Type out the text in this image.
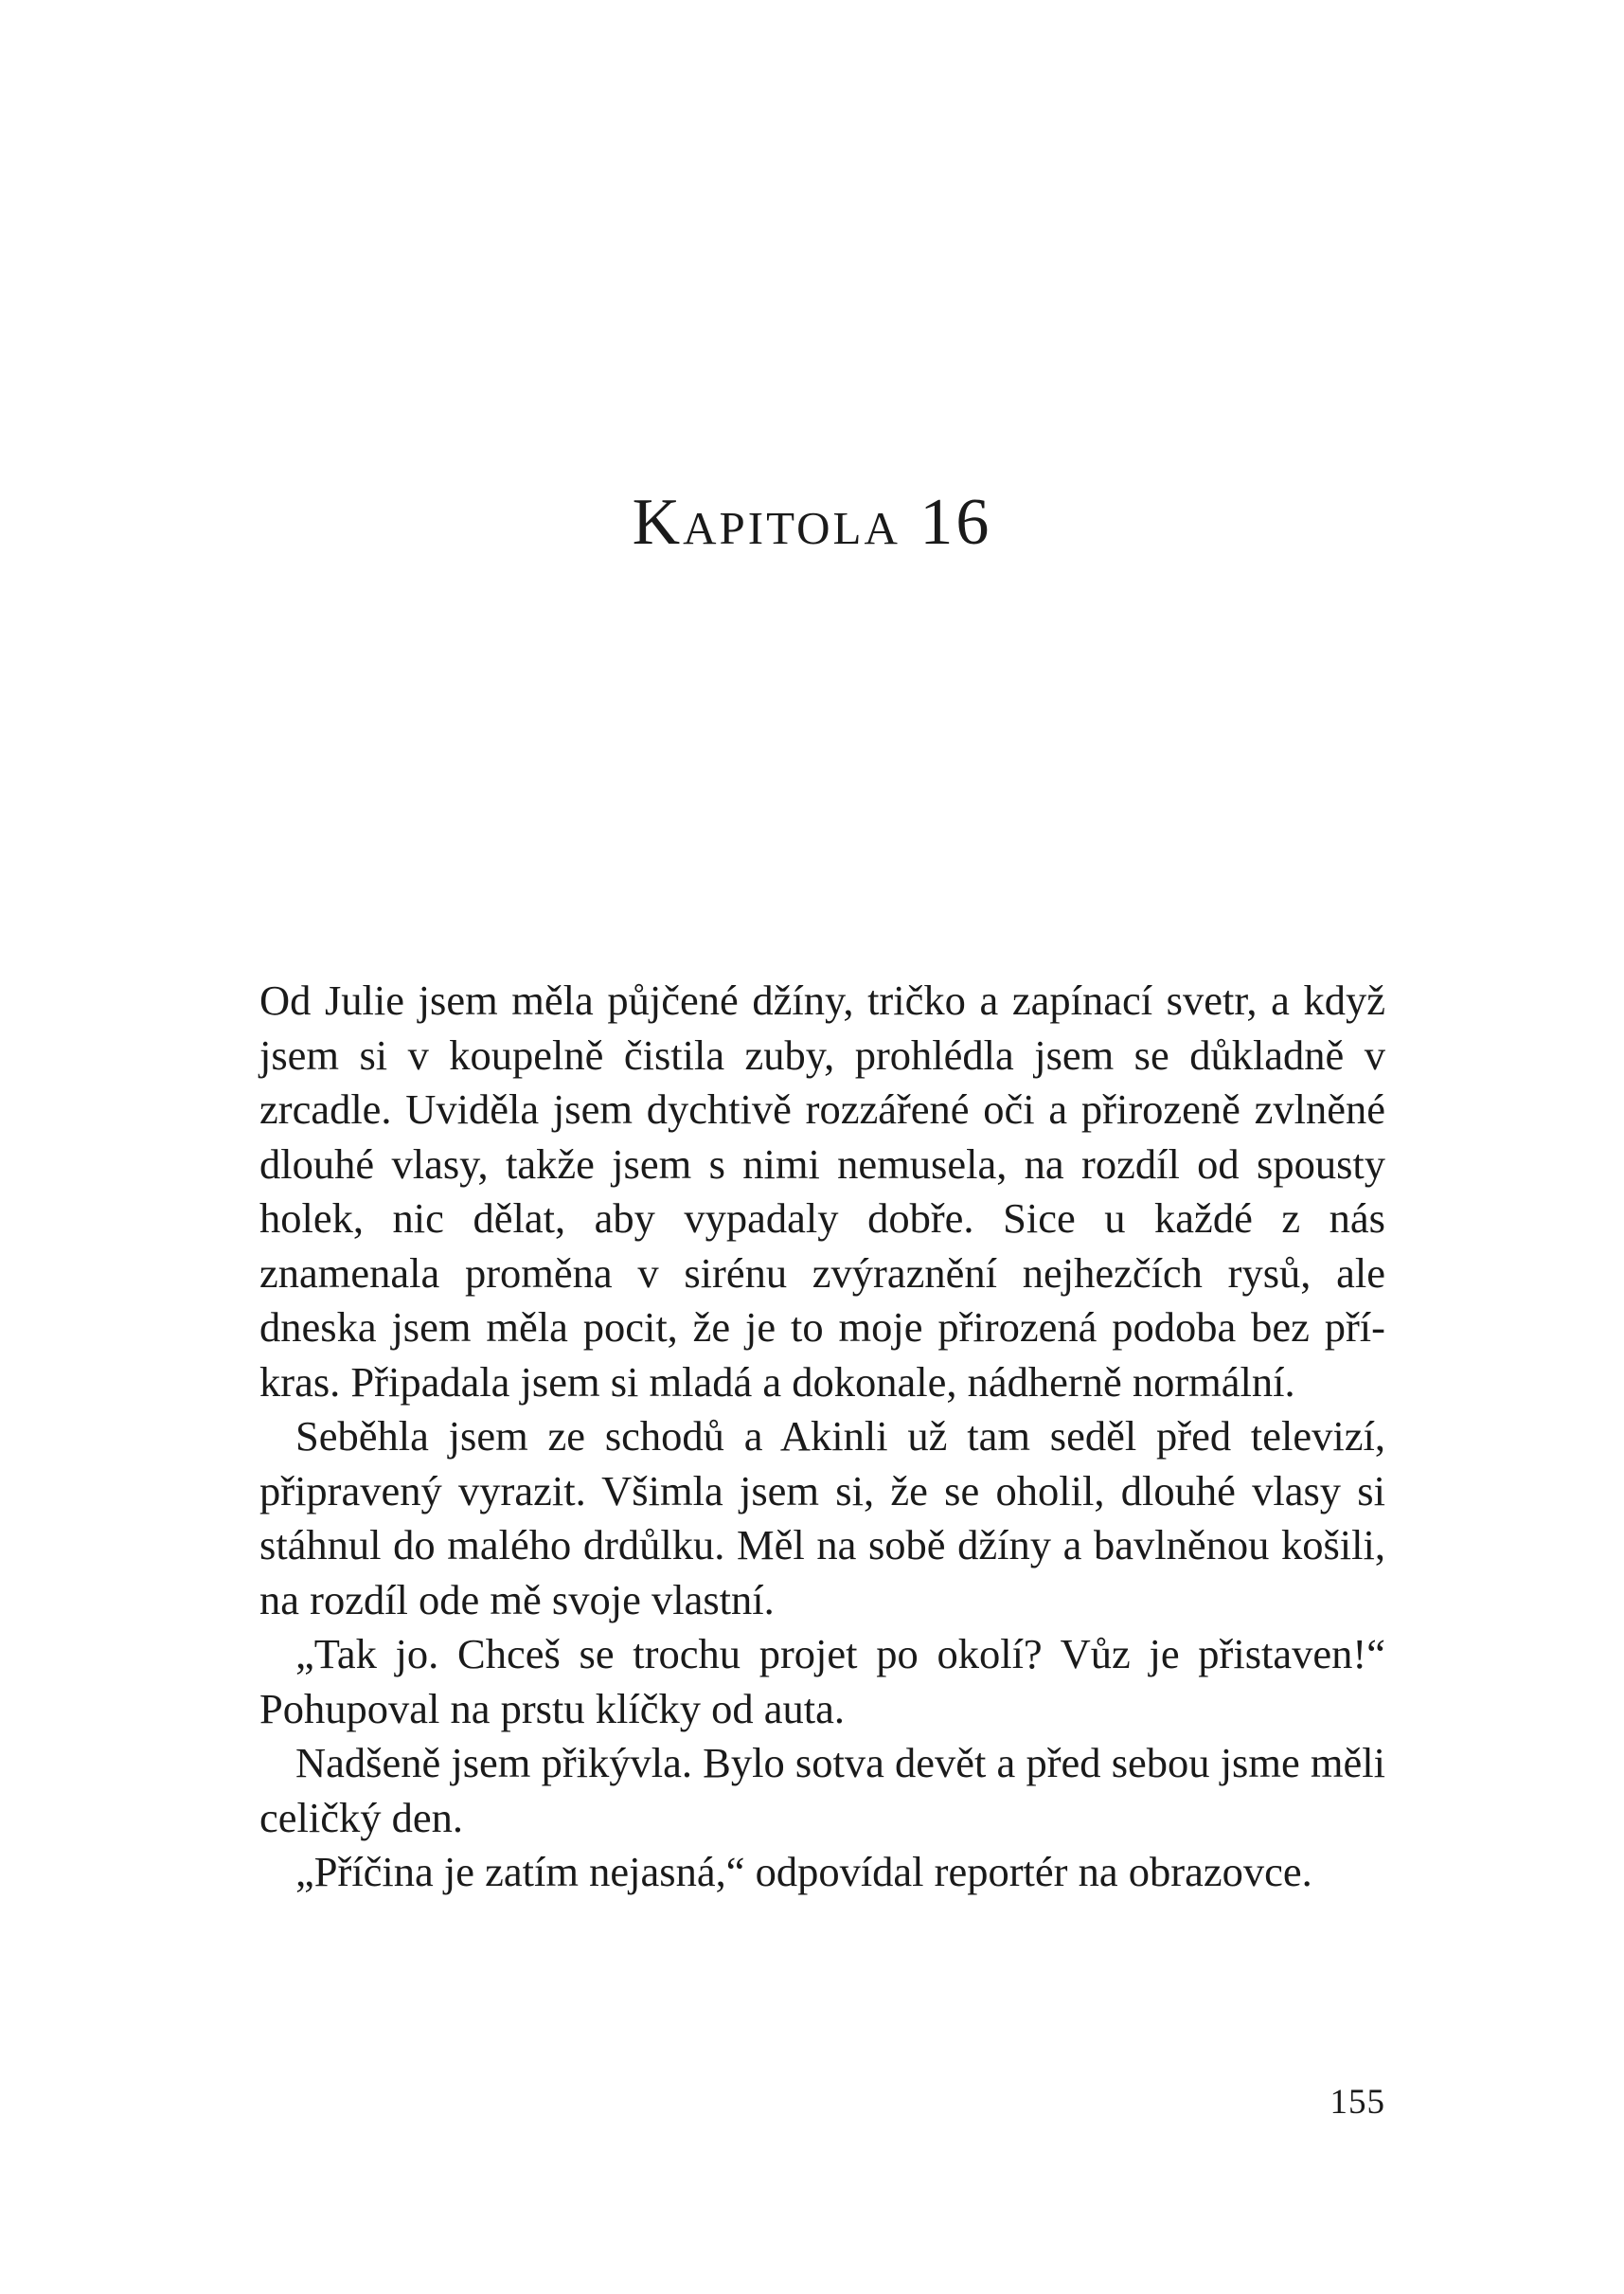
Kapitola 16

Od Julie jsem měla půjčené džíny, tričko a zapínací svetr, a když jsem si v koupelně čistila zuby, prohlédla jsem se důkladně v zrcadle. Uviděla jsem dychtivě rozzářené oči a přirozeně zvlněné dlouhé vlasy, takže jsem s nimi nemusela, na rozdíl od spousty holek, nic dělat, aby vypadaly dobře. Sice u každé z nás znamenala proměna v sirénu zvýraznění nejhezčích rysů, ale dneska jsem měla pocit, že je to moje přirozená podoba bez příkras. Připadala jsem si mladá a dokonale, nádherně normální.

Seběhla jsem ze schodů a Akinli už tam seděl před televizí, připravený vyrazit. Všimla jsem si, že se oholil, dlouhé vlasy si stáhnul do malého drdůlku. Měl na sobě džíny a bavlněnou košili, na rozdíl ode mě svoje vlastní.

„Tak jo. Chceš se trochu projet po okolí? Vůz je přistaven!“ Pohupoval na prstu klíčky od auta.

Nadšeně jsem přikývla. Bylo sotva devět a před sebou jsme měli celičký den.

„Příčina je zatím nejasná,“ odpovídal reportér na obrazovce.

155
